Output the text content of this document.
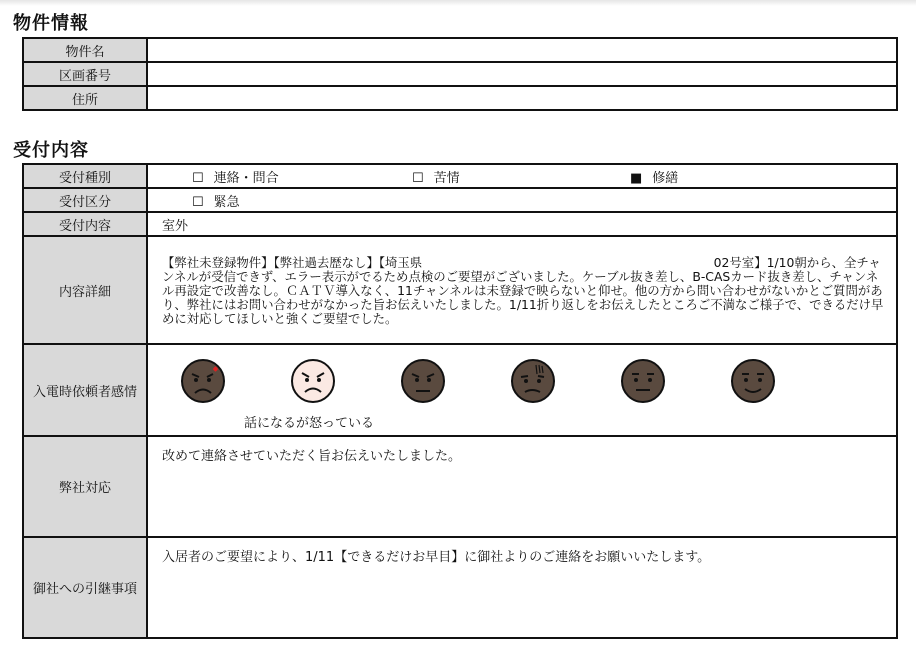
物件情報
物件名	
区画番号	
住所	
受付内容
受付種別	☐ 連絡・問合 ☐ 苦情 ■ 修繕
受付区分	☐ 緊急
受付内容	室外
内容詳細	【弊社未登録物件】【弊社過去歴なし】【埼玉県                                                                          02号室】1/10朝から、全チャンネルが受信できず、エラー表示がでるため点検のご要望がございました。ケーブル抜き差し、B-CASカード抜き差し、チャンネル再設定で改善なし。ＣＡＴＶ導入なく、11チャンネルは未登録で映らないと仰せ。他の方から問い合わせがないかとご質問があり、弊社にはお問い合わせがなかった旨お伝えいたしました。1/11折り返しをお伝えしたところご不満なご様子で、できるだけ早めに対応してほしいと強くご要望でした。
入電時依頼者感情	話になるが怒っている

弊社対応	改めて連絡させていただく旨お伝えいたしました。
御社への引継事項	入居者のご要望により、1/11【できるだけお早目】に御社よりのご連絡をお願いいたします。
